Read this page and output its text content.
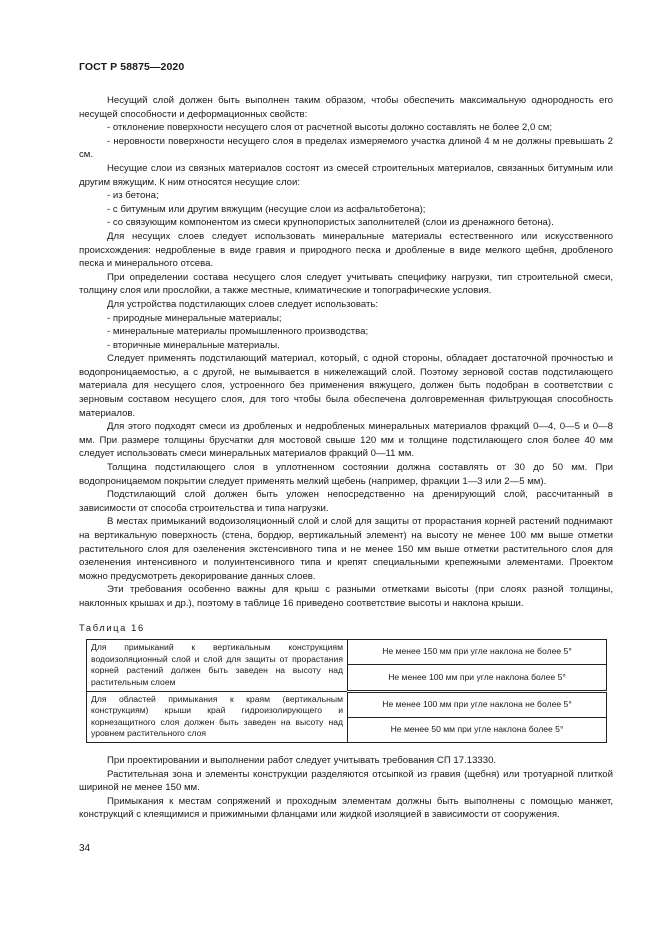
ГОСТ Р 58875—2020

Несущий слой должен быть выполнен таким образом, чтобы обеспечить максимальную однородность его несущей способности и деформационных свойств:

- отклонение поверхности несущего слоя от расчетной высоты должно составлять не более 2,0 см;

- неровности поверхности несущего слоя в пределах измеряемого участка длиной 4 м не должны превышать 2 см.

Несущие слои из связных материалов состоят из смесей строительных материалов, связанных битумным или другим вяжущим. К ним относятся несущие слои:

- из бетона;

- с битумным или другим вяжущим (несущие слои из асфальтобетона);

- со связующим компонентом из смеси крупнопористых заполнителей (слои из дренажного бетона).

Для несущих слоев следует использовать минеральные материалы естественного или искусственного происхождения: недробленые в виде гравия и природного песка и дробленые в виде мелкого щебня, дробленого песка и минерального отсева.

При определении состава несущего слоя следует учитывать специфику нагрузки, тип строительной смеси, толщину слоя или прослойки, а также местные, климатические и топографические условия.

Для устройства подстилающих слоев следует использовать:

- природные минеральные материалы;

- минеральные материалы промышленного производства;

- вторичные минеральные материалы.

Следует применять подстилающий материал, который, с одной стороны, обладает достаточной прочностью и водопроницаемостью, а с другой, не вымывается в нижележащий слой. Поэтому зерновой состав подстилающего материала для несущего слоя, устроенного без применения вяжущего, должен быть подобран в соответствии с зерновым составом несущего слоя, для того чтобы была обеспечена долговременная фильтрующая способность материалов.

Для этого подходят смеси из дробленых и недробленых минеральных материалов фракций 0—4, 0—5 и 0—8 мм. При размере толщины брусчатки для мостовой свыше 120 мм и толщине подстилающего слоя более 40 мм следует использовать смеси минеральных материалов фракций 0—11 мм.

Толщина подстилающего слоя в уплотненном состоянии должна составлять от 30 до 50 мм. При водопроницаемом покрытии следует применять мелкий щебень (например, фракции 1—3 или 2—5 мм).

Подстилающий слой должен быть уложен непосредственно на дренирующий слой, рассчитанный в зависимости от способа строительства и типа нагрузки.

В местах примыканий водоизоляционный слой и слой для защиты от прорастания корней растений поднимают на вертикальную поверхность (стена, бордюр, вертикальный элемент) на высоту не менее 100 мм выше отметки растительного слоя для озеленения экстенсивного типа и не менее 150 мм выше отметки растительного слоя для озеленения интенсивного и полуинтенсивного типа и крепят специальными крепежными элементами. Проектом можно предусмотреть декорирование данных слоев.

Эти требования особенно важны для крыш с разными отметками высоты (при слоях разной толщины, наклонных крышах и др.), поэтому в таблице 16 приведено соответствие высоты и наклона крыши.

Таблица 16
Для примыканий к вертикальным конструкциям водоизоляционный слой и слой для защиты от прорастания корней растений должен быть заведен на высоту над растительным слоем	Не менее 150 мм при угле наклона не более 5°
	Не менее 100 мм при угле наклона более 5°
Для областей примыкания к краям (вертикальным конструкциям) крыши край гидроизолирующего и корнезащитного слоя должен быть заведен на высоту над уровнем растительного слоя	Не менее 100 мм при угле наклона не более 5°
	Не менее 50 мм при угле наклона более 5°

При проектировании и выполнении работ следует учитывать требования СП 17.13330.

Растительная зона и элементы конструкции разделяются отсыпкой из гравия (щебня) или тротуарной плиткой шириной не менее 150 мм.

Примыкания к местам сопряжений и проходным элементам должны быть выполнены с помощью манжет, конструкций с клеящимися и прижимными фланцами или жидкой изоляцией в зависимости от сооружения.

34
